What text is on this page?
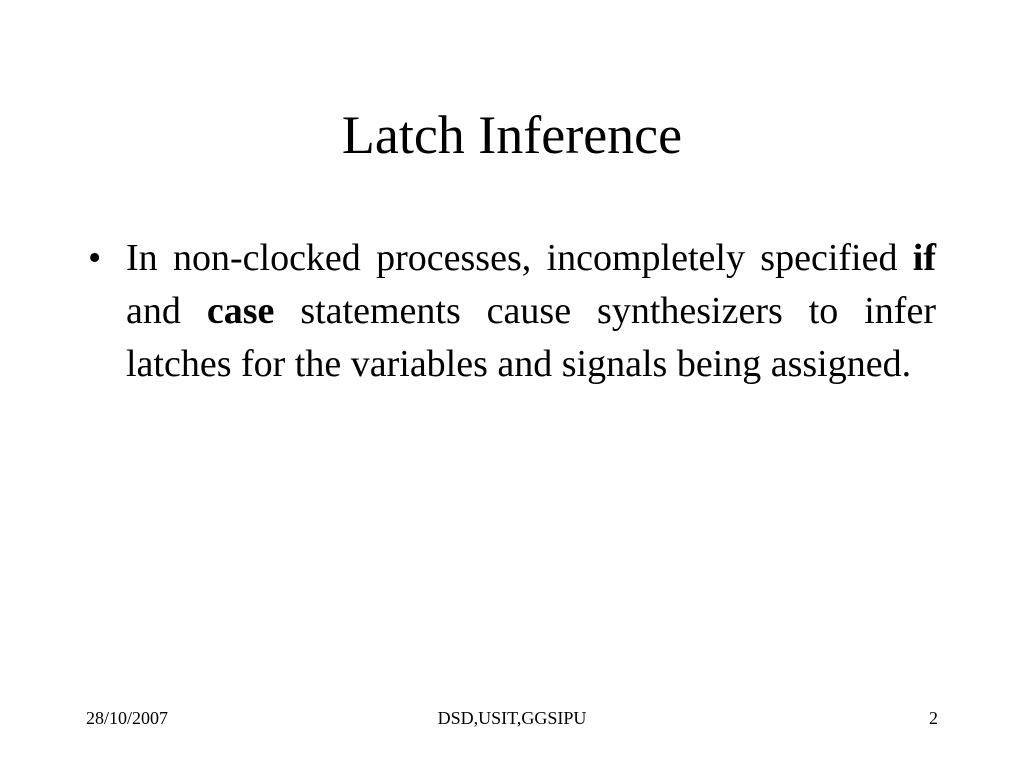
Latch Inference
• In non-clocked processes, incompletely specified if and case statements cause synthesizers to infer latches for the variables and signals being assigned.
28/10/2007	DSD,USIT,GGSIPU	2
